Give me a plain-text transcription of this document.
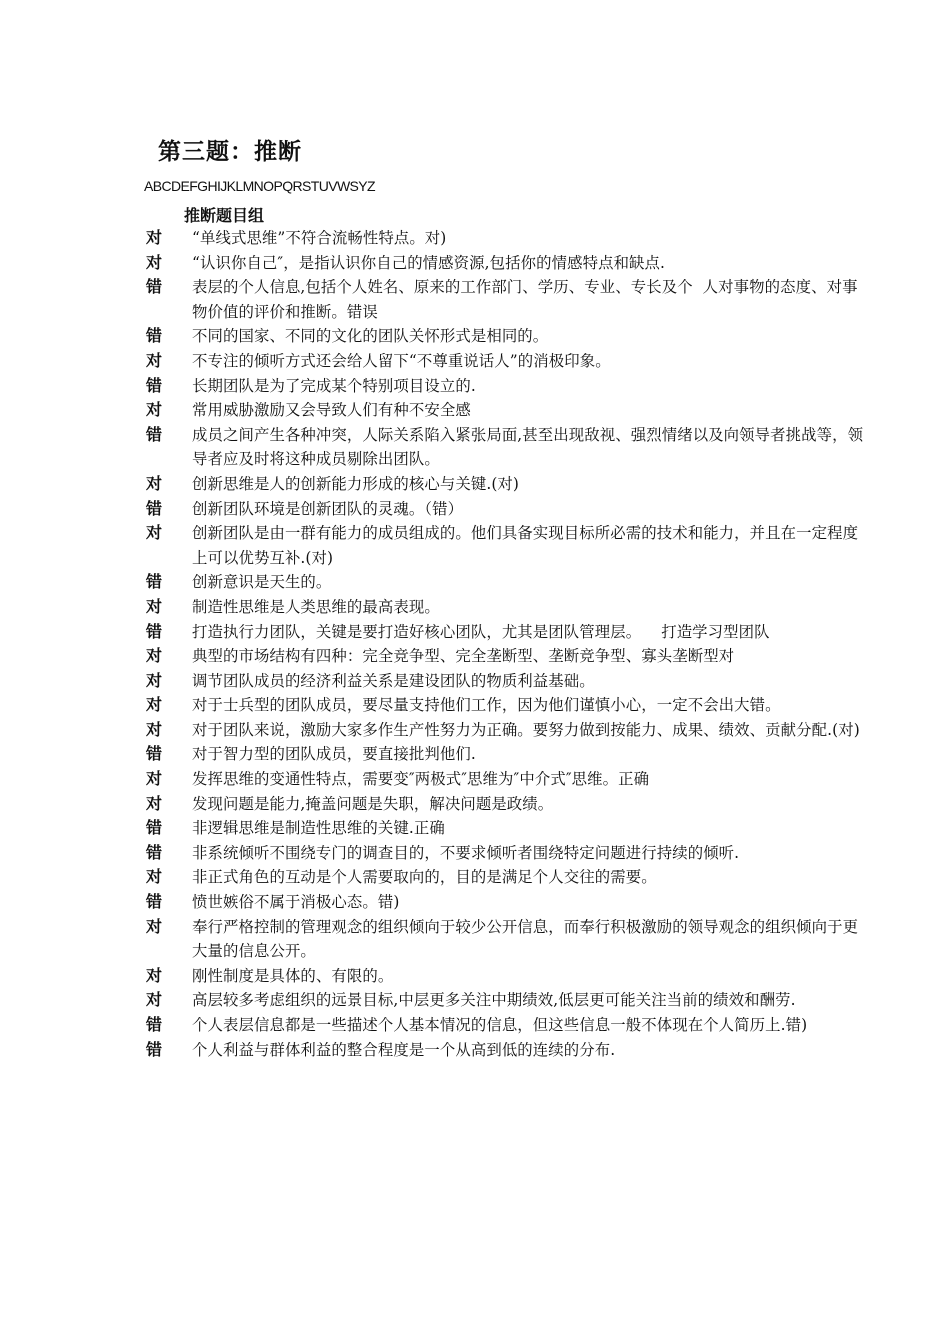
第三题：推断
ABCDEFGHIJKLMNOPQRSTUVWSYZ
推断题目组
对	“单线式思维”不符合流畅性特点。对)
对	“认识你自己″，是指认识你自己的情感资源,包括你的情感特点和缺点.
错	表层的个人信息,包括个人姓名、原来的工作部门、学历、专业、专长及个  人对事物的态度、对事物价值的评价和推断。错误
错	不同的国家、不同的文化的团队关怀形式是相同的。
对	不专注的倾听方式还会给人留下“不尊重说话人”的消极印象。
错	长期团队是为了完成某个特别项目设立的.
对	常用威胁激励又会导致人们有种不安全感
错	成员之间产生各种冲突，人际关系陷入紧张局面,甚至出现敌视、强烈情绪以及向领导者挑战等，领导者应及时将这种成员剔除出团队。
对	创新思维是人的创新能力形成的核心与关键.(对)
错	创新团队环境是创新团队的灵魂。（错）
对	创新团队是由一群有能力的成员组成的。他们具备实现目标所必需的技术和能力，并且在一定程度上可以优势互补.(对)
错	创新意识是天生的。
对	制造性思维是人类思维的最高表现。
错	打造执行力团队，关键是要打造好核心团队，尤其是团队管理层。    打造学习型团队
对	典型的市场结构有四种：完全竞争型、完全垄断型、垄断竞争型、寡头垄断型对
对	调节团队成员的经济利益关系是建设团队的物质利益基础。
对	对于士兵型的团队成员，要尽量支持他们工作，因为他们谨慎小心，一定不会出大错。
对	对于团队来说，激励大家多作生产性努力为正确。要努力做到按能力、成果、绩效、贡献分配.(对)
错	对于智力型的团队成员，要直接批判他们.
对	发挥思维的变通性特点，需要变″两极式″思维为″中介式″思维。正确
对	发现问题是能力,掩盖问题是失职，解决问题是政绩。
错	非逻辑思维是制造性思维的关键.正确
错	非系统倾听不围绕专门的调查目的，不要求倾听者围绕特定问题进行持续的倾听.
对	非正式角色的互动是个人需要取向的，目的是满足个人交往的需要。
错	愤世嫉俗不属于消极心态。错)
对	奉行严格控制的管理观念的组织倾向于较少公开信息，而奉行积极激励的领导观念的组织倾向于更大量的信息公开。
对	刚性制度是具体的、有限的。
对	高层较多考虑组织的远景目标,中层更多关注中期绩效,低层更可能关注当前的绩效和酬劳.
错	个人表层信息都是一些描述个人基本情况的信息，但这些信息一般不体现在个人简历上.错)
错	个人利益与群体利益的整合程度是一个从高到低的连续的分布.
